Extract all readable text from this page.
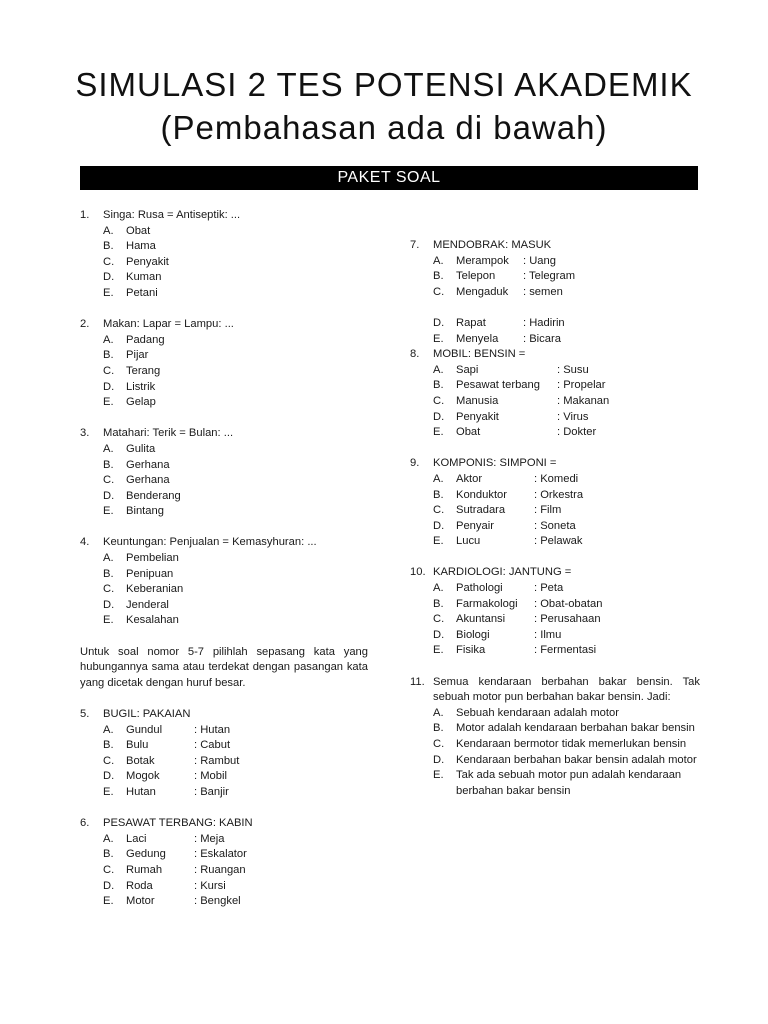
SIMULASI 2 TES POTENSI AKADEMIK
(Pembahasan ada di bawah)
PAKET SOAL
1.	Singa: Rusa = Antiseptik: ...
A.	Obat
B.	Hama
C.	Penyakit
D.	Kuman
E.	Petani
2.	Makan: Lapar = Lampu: ...
A.	Padang
B.	Pijar
C.	Terang
D.	Listrik
E.	Gelap
3.	Matahari: Terik = Bulan: ...
A.	Gulita
B.	Gerhana
C.	Gerhana
D.	Benderang
E.	Bintang
4.	Keuntungan: Penjualan = Kemasyhuran: ...
A.	Pembelian
B.	Penipuan
C.	Keberanian
D.	Jenderal
E.	Kesalahan
Untuk soal nomor 5-7 pilihlah sepasang kata yang hubungannya sama atau terdekat dengan pasangan kata yang dicetak dengan huruf besar.
5.	BUGIL: PAKAIAN
A.	Gundul	: Hutan
B.	Bulu	: Cabut
C.	Botak	: Rambut
D.	Mogok	: Mobil
E.	Hutan	: Banjir
6.	PESAWAT TERBANG: KABIN
A.	Laci	: Meja
B.	Gedung	: Eskalator
C.	Rumah	: Ruangan
D.	Roda	: Kursi
E.	Motor	: Bengkel
7.	MENDOBRAK: MASUK
A.	Merampok	: Uang
B.	Telepon	: Telegram
C.	Mengaduk	: semen
D.	Rapat	: Hadirin
E.	Menyela	: Bicara
8.	MOBIL: BENSIN =
A.	Sapi	: Susu
B.	Pesawat terbang	: Propelar
C.	Manusia	: Makanan
D.	Penyakit	: Virus
E.	Obat	: Dokter
9.	KOMPONIS: SIMPONI =
A.	Aktor	: Komedi
B.	Konduktor	: Orkestra
C.	Sutradara	: Film
D.	Penyair	: Soneta
E.	Lucu	: Pelawak
10. KARDIOLOGI: JANTUNG =
A.	Pathologi	: Peta
B.	Farmakologi	: Obat-obatan
C.	Akuntansi	: Perusahaan
D.	Biologi	: Ilmu
E.	Fisika	: Fermentasi
11. Semua kendaraan berbahan bakar bensin. Tak sebuah motor pun berbahan bakar bensin. Jadi:
A.	Sebuah kendaraan adalah motor
B.	Motor adalah kendaraan berbahan bakar bensin
C.	Kendaraan bermotor tidak memerlukan bensin
D.	Kendaraan berbahan bakar bensin adalah motor
E.	Tak ada sebuah motor pun adalah kendaraan berbahan bakar bensin
